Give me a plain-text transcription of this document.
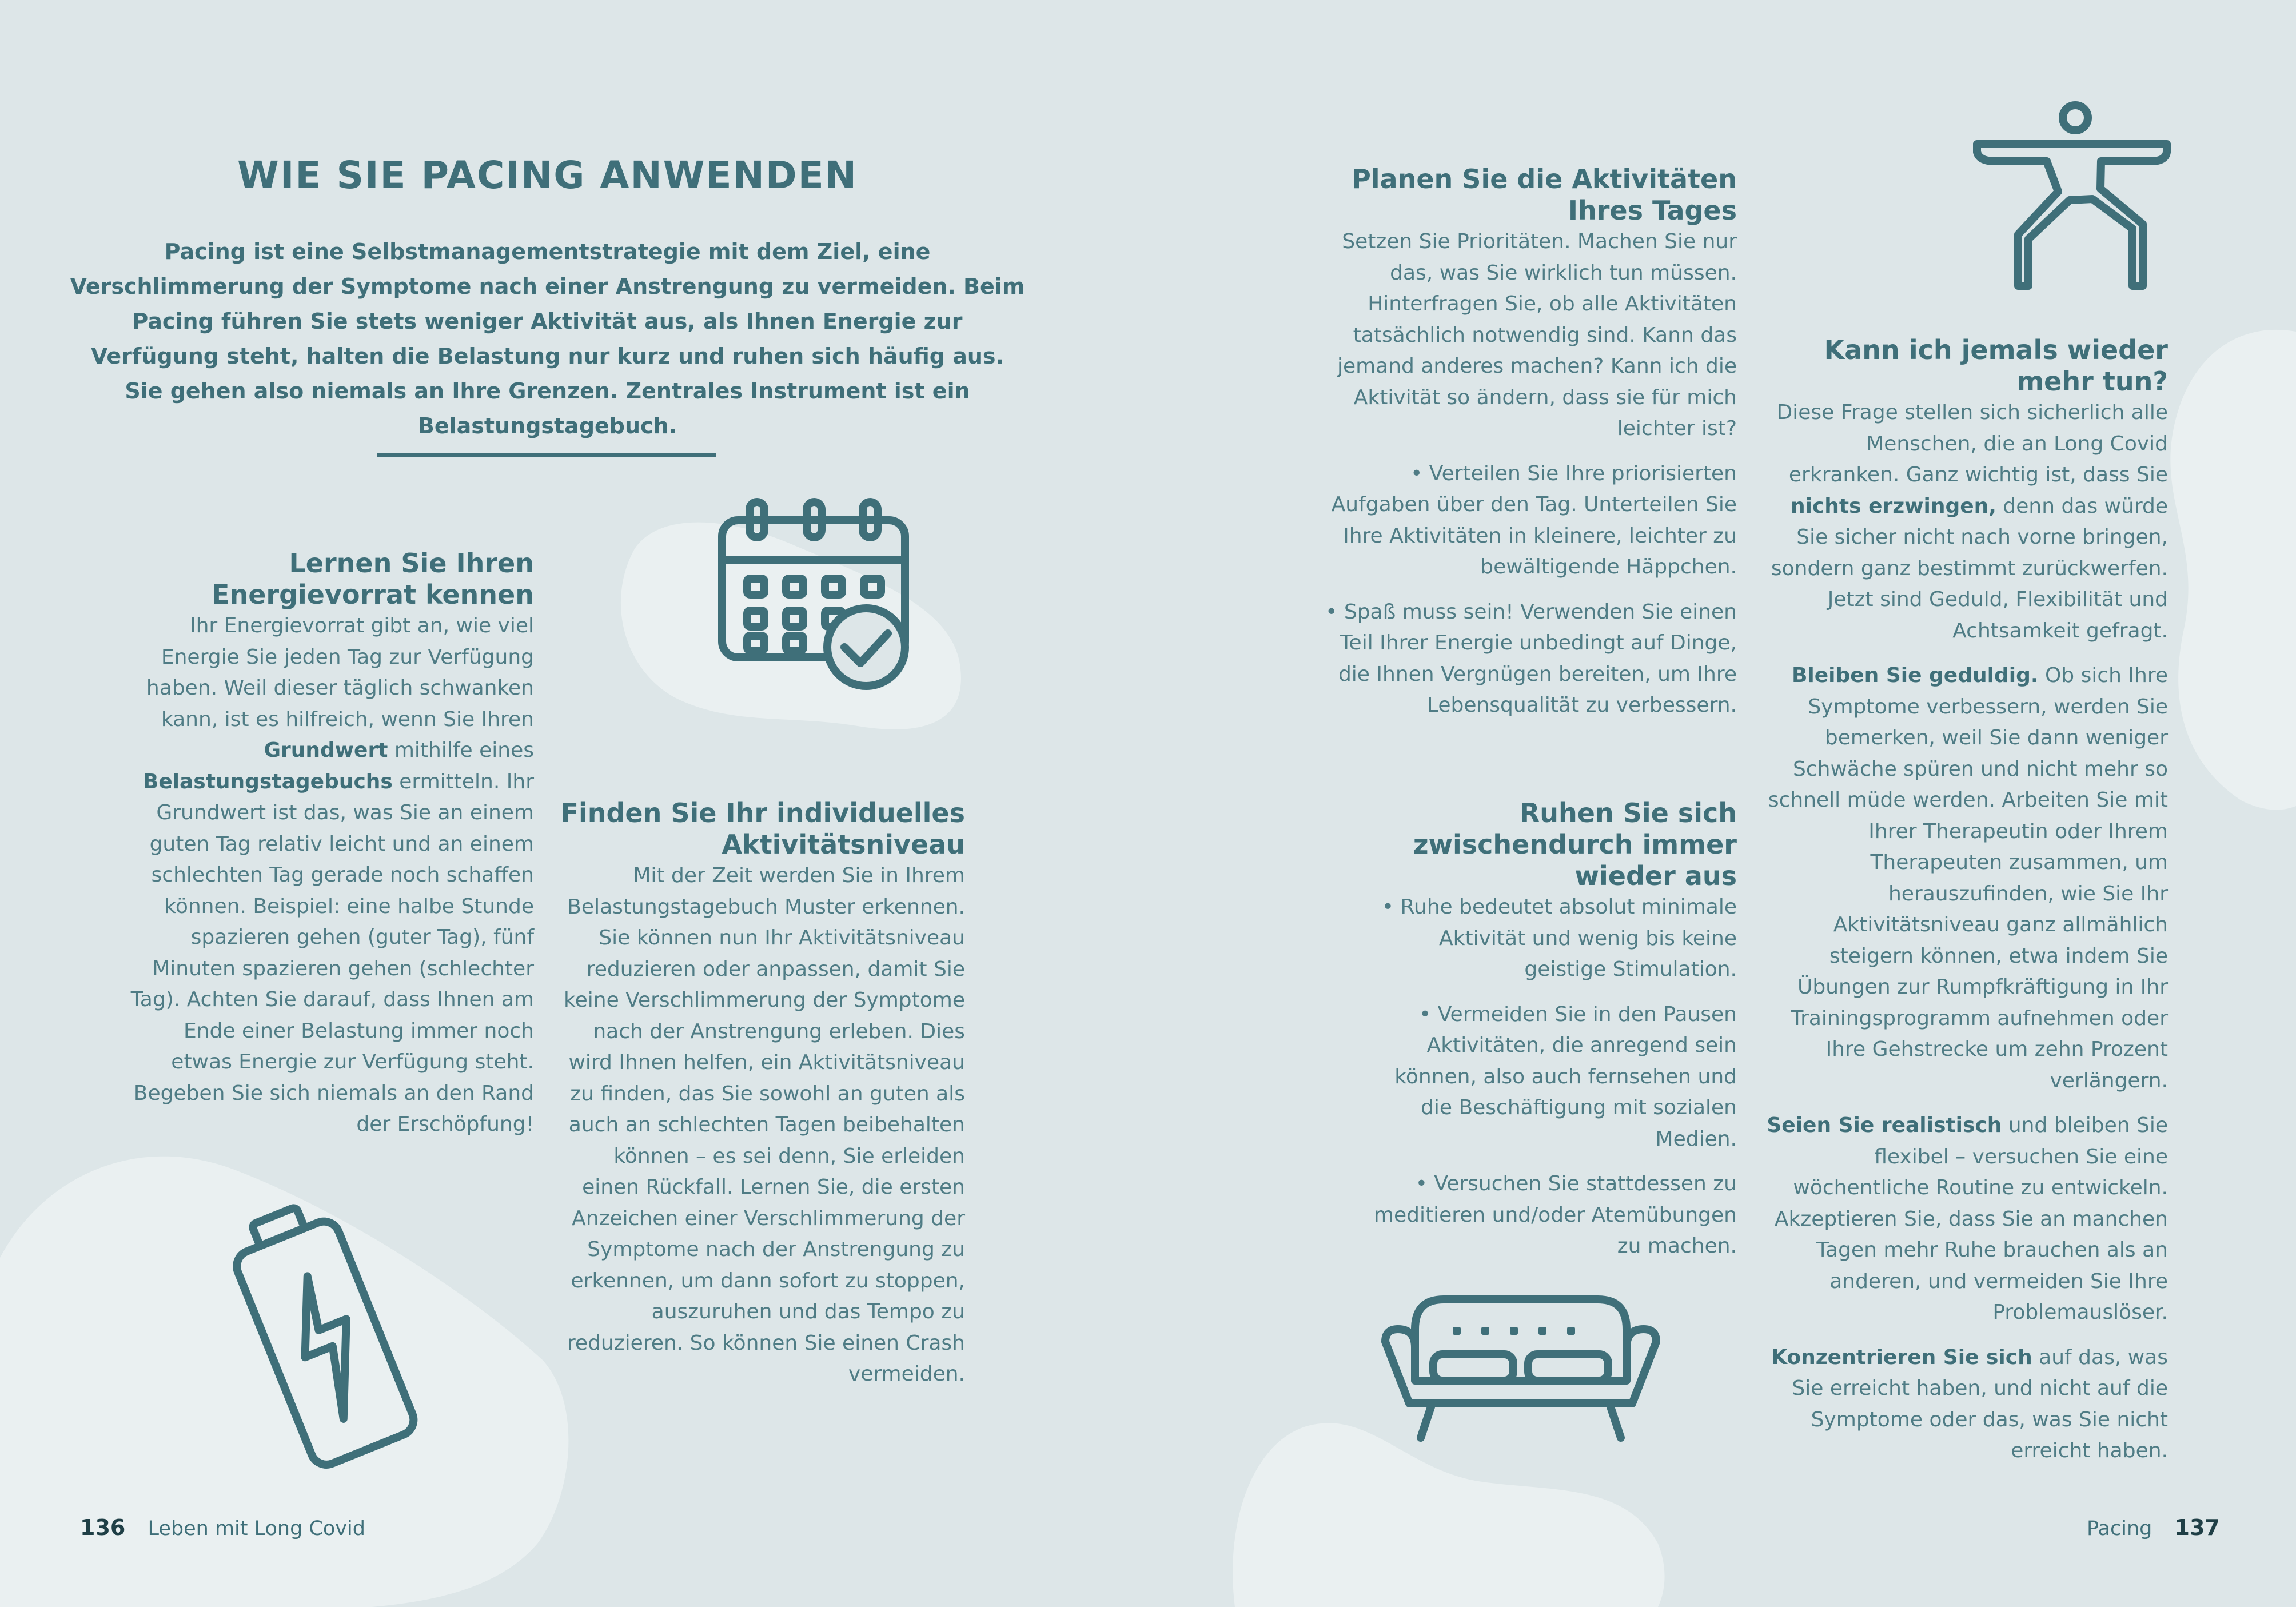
WIE SIE PACING ANWENDEN
Pacing ist eine Selbstmanagementstrategie mit dem Ziel, eine Verschlimmerung der Symptome nach einer Anstrengung zu vermeiden. Beim Pacing führen Sie stets weniger Aktivität aus, als Ihnen Energie zur Verfügung steht, halten die Belastung nur kurz und ruhen sich häufig aus. Sie gehen also niemals an Ihre Grenzen. Zentrales Instrument ist ein Belastungstagebuch.
Lernen Sie Ihren Energievorrat kennen

Ihr Energievorrat gibt an, wie viel Energie Sie jeden Tag zur Verfügung haben. Weil dieser täglich schwanken kann, ist es hilfreich, wenn Sie Ihren Grundwert mithilfe eines Belastungstagebuchs ermitteln. Ihr Grundwert ist das, was Sie an einem guten Tag relativ leicht und an einem schlechten Tag gerade noch schaffen können. Beispiel: eine halbe Stunde spazieren gehen (guter Tag), fünf Minuten spazieren gehen (schlechter Tag). Achten Sie darauf, dass Ihnen am Ende einer Belastung immer noch etwas Energie zur Verfügung steht. Begeben Sie sich niemals an den Rand der Erschöpfung!

Finden Sie Ihr individuelles Aktivitätsniveau

Mit der Zeit werden Sie in Ihrem Belastungstagebuch Muster erkennen. Sie können nun Ihr Aktivitätsniveau reduzieren oder anpassen, damit Sie keine Verschlimmerung der Symptome nach der Anstrengung erleben. Dies wird Ihnen helfen, ein Aktivitätsniveau zu finden, das Sie sowohl an guten als auch an schlechten Tagen beibehalten können – es sei denn, Sie erleiden einen Rückfall. Lernen Sie, die ersten Anzeichen einer Verschlimmerung der Symptome nach der Anstrengung zu erkennen, um dann sofort zu stoppen, auszuruhen und das Tempo zu reduzieren. So können Sie einen Crash vermeiden.

136 Leben mit Long Covid
Planen Sie die Aktivitäten Ihres Tages

Setzen Sie Prioritäten. Machen Sie nur das, was Sie wirklich tun müssen. Hinterfragen Sie, ob alle Aktivitäten tatsächlich notwendig sind. Kann das jemand anderes machen? Kann ich die Aktivität so ändern, dass sie für mich leichter ist?

• Verteilen Sie Ihre priorisierten Aufgaben über den Tag. Unterteilen Sie Ihre Aktivitäten in kleinere, leichter zu bewältigende Häppchen.

• Spaß muss sein! Verwenden Sie einen Teil Ihrer Energie unbedingt auf Dinge, die Ihnen Vergnügen bereiten, um Ihre Lebensqualität zu verbessern.

Ruhen Sie sich zwischendurch immer wieder aus

• Ruhe bedeutet absolut minimale Aktivität und wenig bis keine geistige Stimulation.

• Vermeiden Sie in den Pausen Aktivitäten, die anregend sein können, also auch fernsehen und die Beschäftigung mit sozialen Medien.

• Versuchen Sie stattdessen zu meditieren und/oder Atemübungen zu machen.

Kann ich jemals wieder mehr tun?

Diese Frage stellen sich sicherlich alle Menschen, die an Long Covid erkranken. Ganz wichtig ist, dass Sie nichts erzwingen, denn das würde Sie sicher nicht nach vorne bringen, sondern ganz bestimmt zurückwerfen. Jetzt sind Geduld, Flexibilität und Achtsamkeit gefragt.

Bleiben Sie geduldig. Ob sich Ihre Symptome verbessern, werden Sie bemerken, weil Sie dann weniger Schwäche spüren und nicht mehr so schnell müde werden. Arbeiten Sie mit Ihrer Therapeutin oder Ihrem Therapeuten zusammen, um herauszufinden, wie Sie Ihr Aktivitätsniveau ganz allmählich steigern können, etwa indem Sie Übungen zur Rumpfkräftigung in Ihr Trainingsprogramm aufnehmen oder Ihre Gehstrecke um zehn Prozent verlängern.

Seien Sie realistisch und bleiben Sie flexibel – versuchen Sie eine wöchentliche Routine zu entwickeln. Akzeptieren Sie, dass Sie an manchen Tagen mehr Ruhe brauchen als an anderen, und vermeiden Sie Ihre Problemauslöser.

Konzentrieren Sie sich auf das, was Sie erreicht haben, und nicht auf die Symptome oder das, was Sie nicht erreicht haben.

Pacing 137
